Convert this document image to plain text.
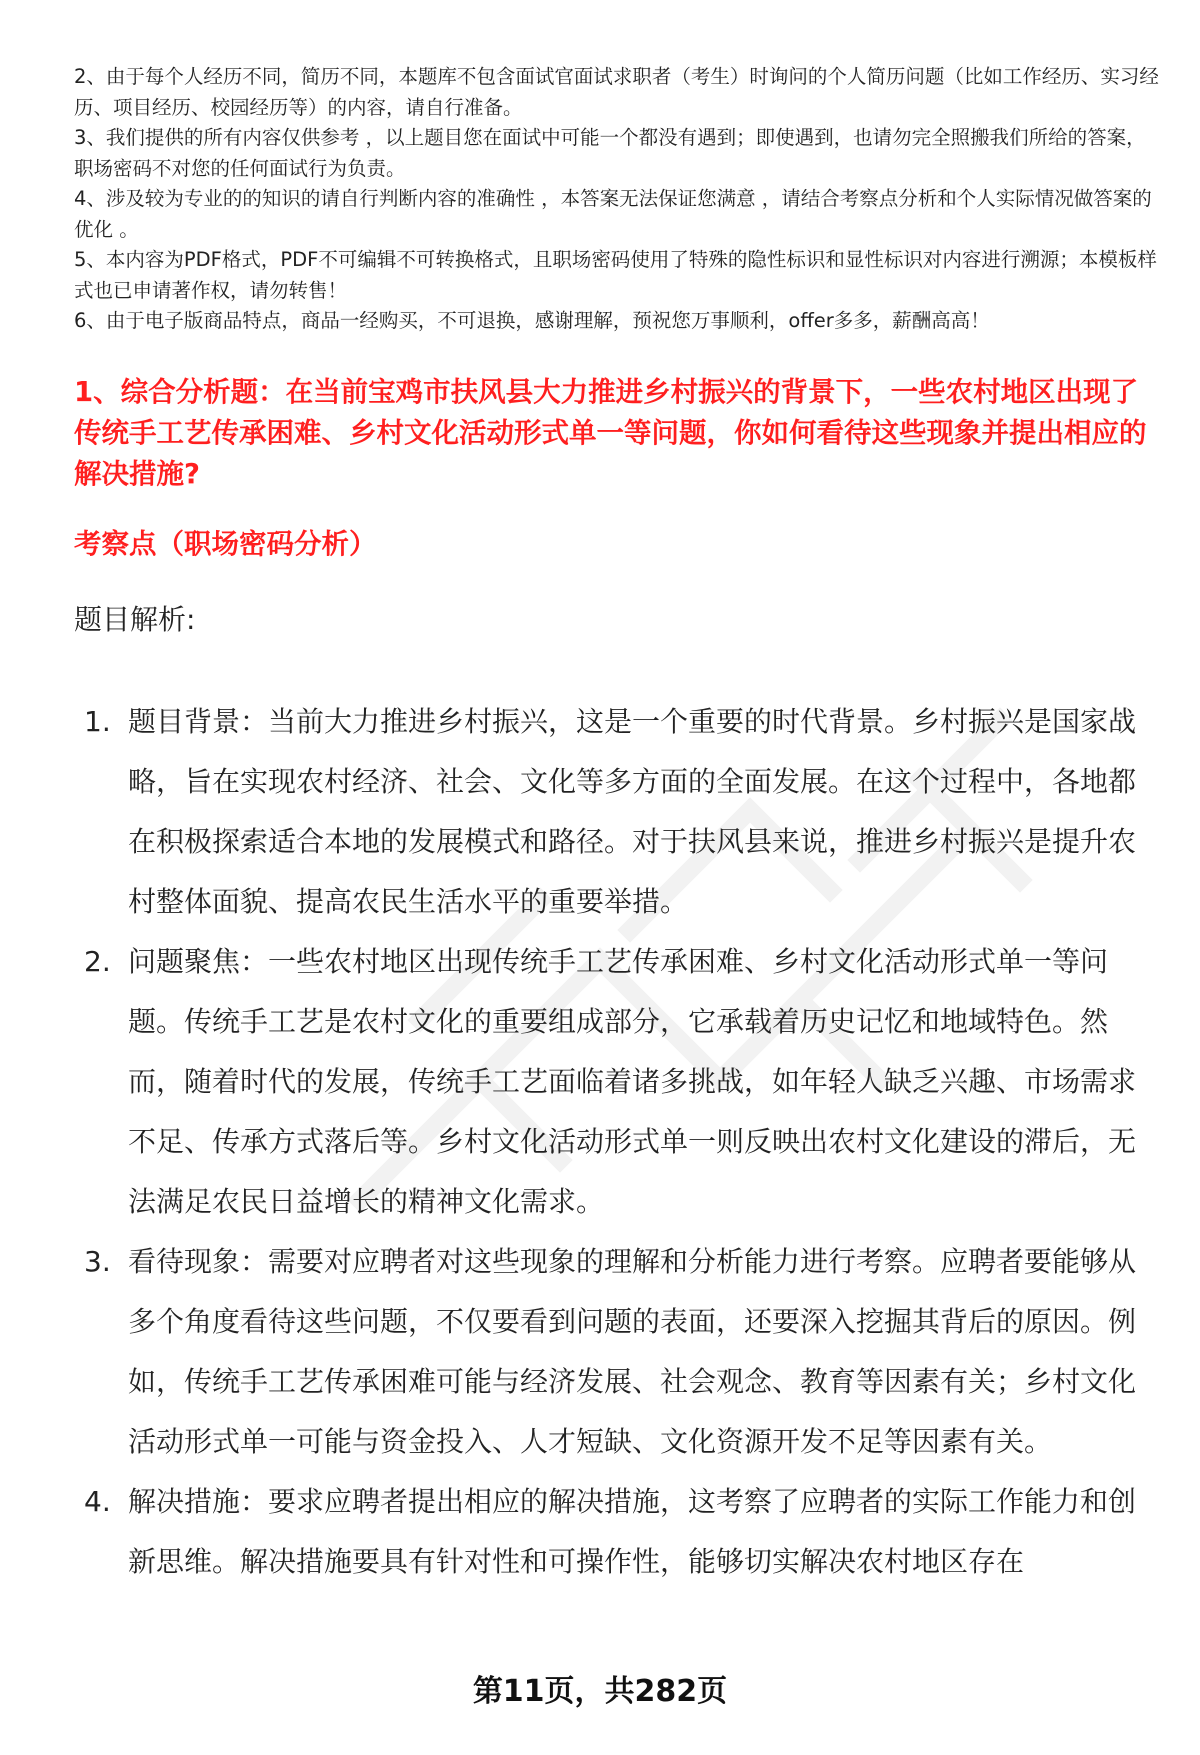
2、由于每个人经历不同，简历不同，本题库不包含面试官面试求职者（考生）时询问的个人简历问题（比如工作经历、实习经历、项目经历、校园经历等）的内容，请自行准备。

3、我们提供的所有内容仅供参考 ，以上题目您在面试中可能一个都没有遇到；即使遇到，也请勿完全照搬我们所给的答案，职场密码不对您的任何面试行为负责。

4、涉及较为专业的的知识的请自行判断内容的准确性 ，本答案无法保证您满意 ，请结合考察点分析和个人实际情况做答案的优化 。

5、本内容为PDF格式，PDF不可编辑不可转换格式，且职场密码使用了特殊的隐性标识和显性标识对内容进行溯源；本模板样式也已申请著作权，请勿转售！

6、由于电子版商品特点，商品一经购买，不可退换，感谢理解，预祝您万事顺利，offer多多，薪酬高高！

1、综合分析题：在当前宝鸡市扶风县大力推进乡村振兴的背景下，一些农村地区出现了传统手工艺传承困难、乡村文化活动形式单一等问题，你如何看待这些现象并提出相应的解决措施?
考察点（职场密码分析）
题目解析:
1. 题目背景：当前大力推进乡村振兴，这是一个重要的时代背景。乡村振兴是国家战略，旨在实现农村经济、社会、文化等多方面的全面发展。在这个过程中，各地都在积极探索适合本地的发展模式和路径。对于扶风县来说，推进乡村振兴是提升农村整体面貌、提高农民生活水平的重要举措。
2. 问题聚焦：一些农村地区出现传统手工艺传承困难、乡村文化活动形式单一等问题。传统手工艺是农村文化的重要组成部分，它承载着历史记忆和地域特色。然而，随着时代的发展，传统手工艺面临着诸多挑战，如年轻人缺乏兴趣、市场需求不足、传承方式落后等。乡村文化活动形式单一则反映出农村文化建设的滞后，无法满足农民日益增长的精神文化需求。
3. 看待现象：需要对应聘者对这些现象的理解和分析能力进行考察。应聘者要能够从多个角度看待这些问题，不仅要看到问题的表面，还要深入挖掘其背后的原因。例如，传统手工艺传承困难可能与经济发展、社会观念、教育等因素有关；乡村文化活动形式单一可能与资金投入、人才短缺、文化资源开发不足等因素有关。
4. 解决措施：要求应聘者提出相应的解决措施，这考察了应聘者的实际工作能力和创新思维。解决措施要具有针对性和可操作性，能够切实解决农村地区存在
第11页，共282页
